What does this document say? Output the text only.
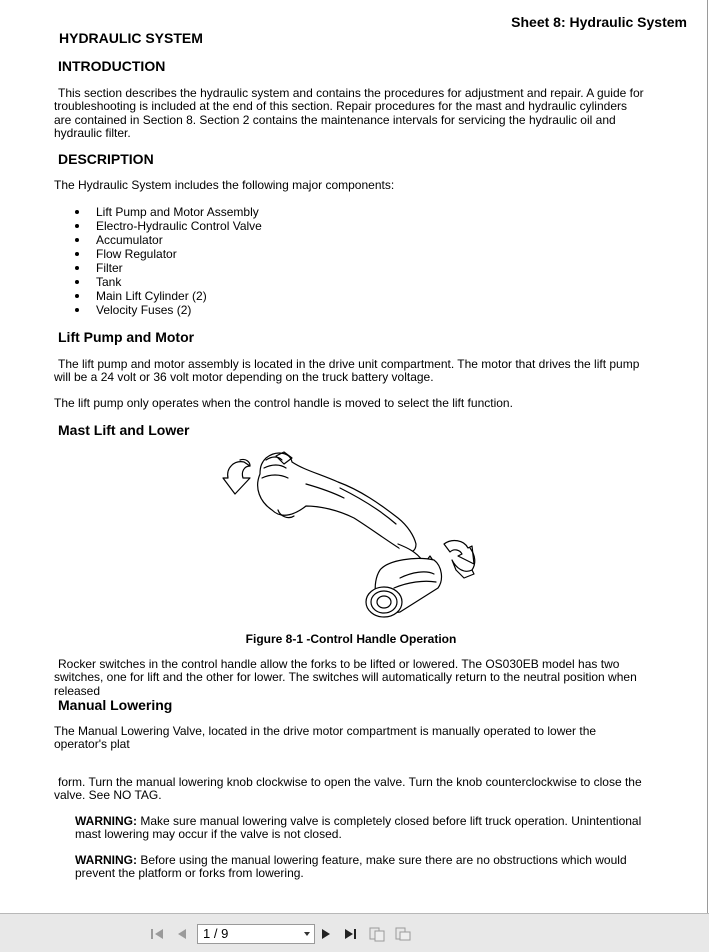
Sheet 8: Hydraulic System
HYDRAULIC SYSTEM
INTRODUCTION
This section describes the hydraulic system and contains the procedures for adjustment and repair. A guide for troubleshooting is included at the end of this section. Repair procedures for the mast and hydraulic cylinders are contained in Section 8. Section 2 contains the maintenance intervals for servicing the hydraulic oil and hydraulic filter.
DESCRIPTION
The Hydraulic System includes the following major components:
Lift Pump and Motor Assembly
Electro-Hydraulic Control Valve
Accumulator
Flow Regulator
Filter
Tank
Main Lift Cylinder (2)
Velocity Fuses (2)
Lift Pump and Motor
The lift pump and motor assembly is located in the drive unit compartment. The motor that drives the lift pump will be a 24 volt or 36 volt motor depending on the truck battery voltage.
The lift pump only operates when the control handle is moved to select the lift function.
Mast Lift and Lower
Figure 8-1 -Control Handle Operation
Rocker switches in the control handle allow the forks to be lifted or lowered. The OS030EB model has two switches, one for lift and the other for lower. The switches will automatically return to the neutral position when released
Manual Lowering
The Manual Lowering Valve, located in the drive motor compartment is manually operated to lower the operator's plat
form. Turn the manual lowering knob clockwise to open the valve. Turn the knob counterclockwise to close the valve. See NO TAG.
WARNING: Make sure manual lowering valve is completely closed before lift truck operation. Unintentional mast lowering may occur if the valve is not closed.
WARNING: Before using the manual lowering feature, make sure there are no obstructions which would prevent the platform or forks from lowering.
1 / 9
